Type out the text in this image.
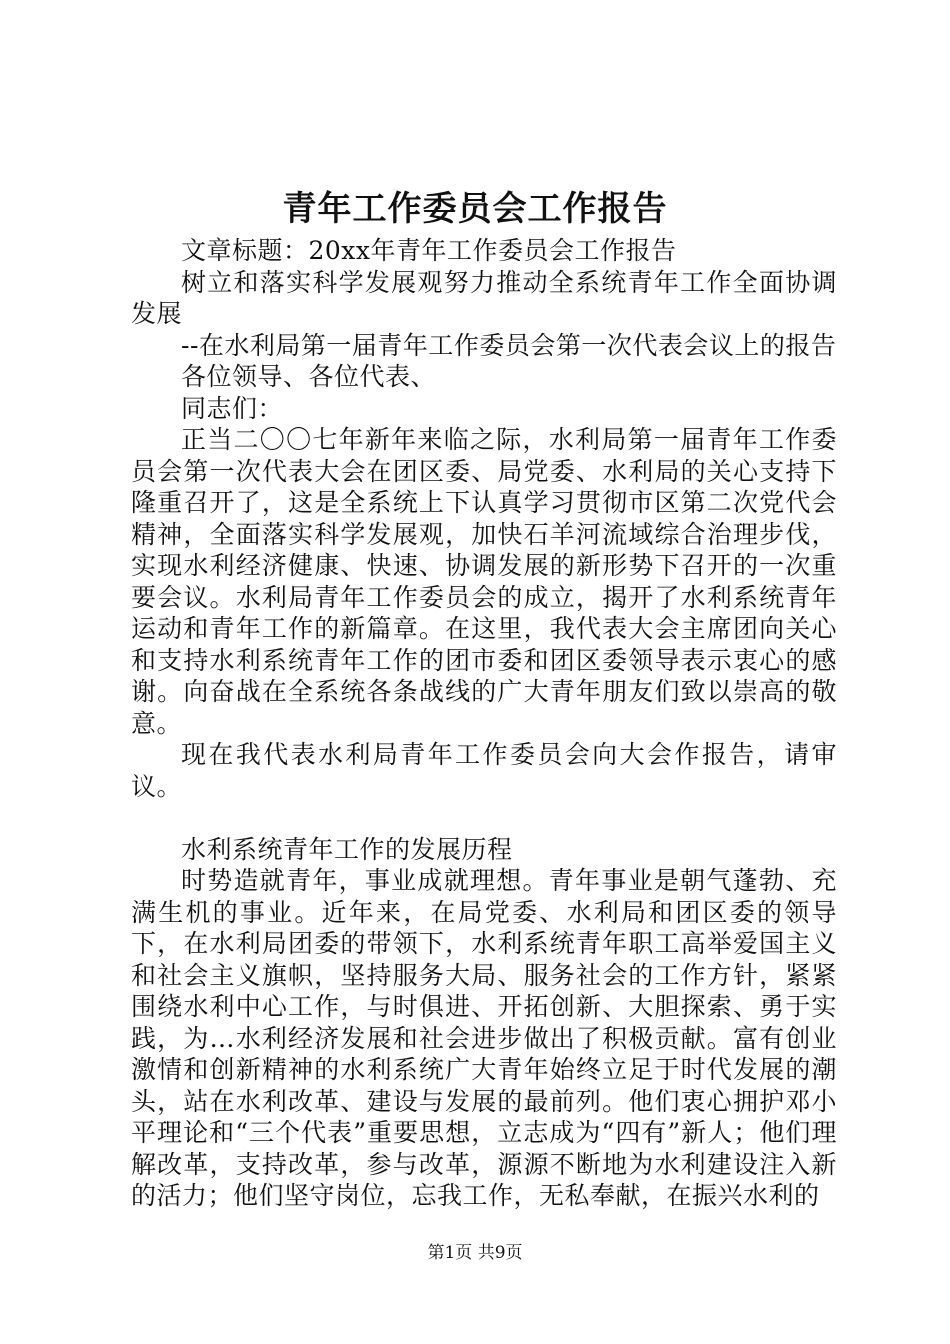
青年工作委员会工作报告

文章标题：20xx年青年工作委员会工作报告

树立和落实科学发展观努力推动全系统青年工作全面协调发展

--在水利局第一届青年工作委员会第一次代表会议上的报告

各位领导、各位代表、

同志们：

正当二〇〇七年新年来临之际，水利局第一届青年工作委员会第一次代表大会在团区委、局党委、水利局的关心支持下隆重召开了，这是全系统上下认真学习贯彻市区第二次党代会精神，全面落实科学发展观，加快石羊河流域综合治理步伐，实现水利经济健康、快速、协调发展的新形势下召开的一次重要会议。水利局青年工作委员会的成立，揭开了水利系统青年运动和青年工作的新篇章。在这里，我代表大会主席团向关心和支持水利系统青年工作的团市委和团区委领导表示衷心的感谢。向奋战在全系统各条战线的广大青年朋友们致以崇高的敬意。

现在我代表水利局青年工作委员会向大会作报告，请审议。

水利系统青年工作的发展历程

时势造就青年，事业成就理想。青年事业是朝气蓬勃、充满生机的事业。近年来，在局党委、水利局和团区委的领导下，在水利局团委的带领下，水利系统青年职工高举爱国主义和社会主义旗帜，坚持服务大局、服务社会的工作方针，紧紧围绕水利中心工作，与时俱进、开拓创新、大胆探索、勇于实践，为…水利经济发展和社会进步做出了积极贡献。富有创业激情和创新精神的水利系统广大青年始终立足于时代发展的潮头，站在水利改革、建设与发展的最前列。他们衷心拥护邓小平理论和“三个代表”重要思想，立志成为“四有”新人；他们理解改革，支持改革，参与改革，源源不断地为水利建设注入新的活力；他们坚守岗位，忘我工作，无私奉献，在振兴水利的

第1页 共9页
